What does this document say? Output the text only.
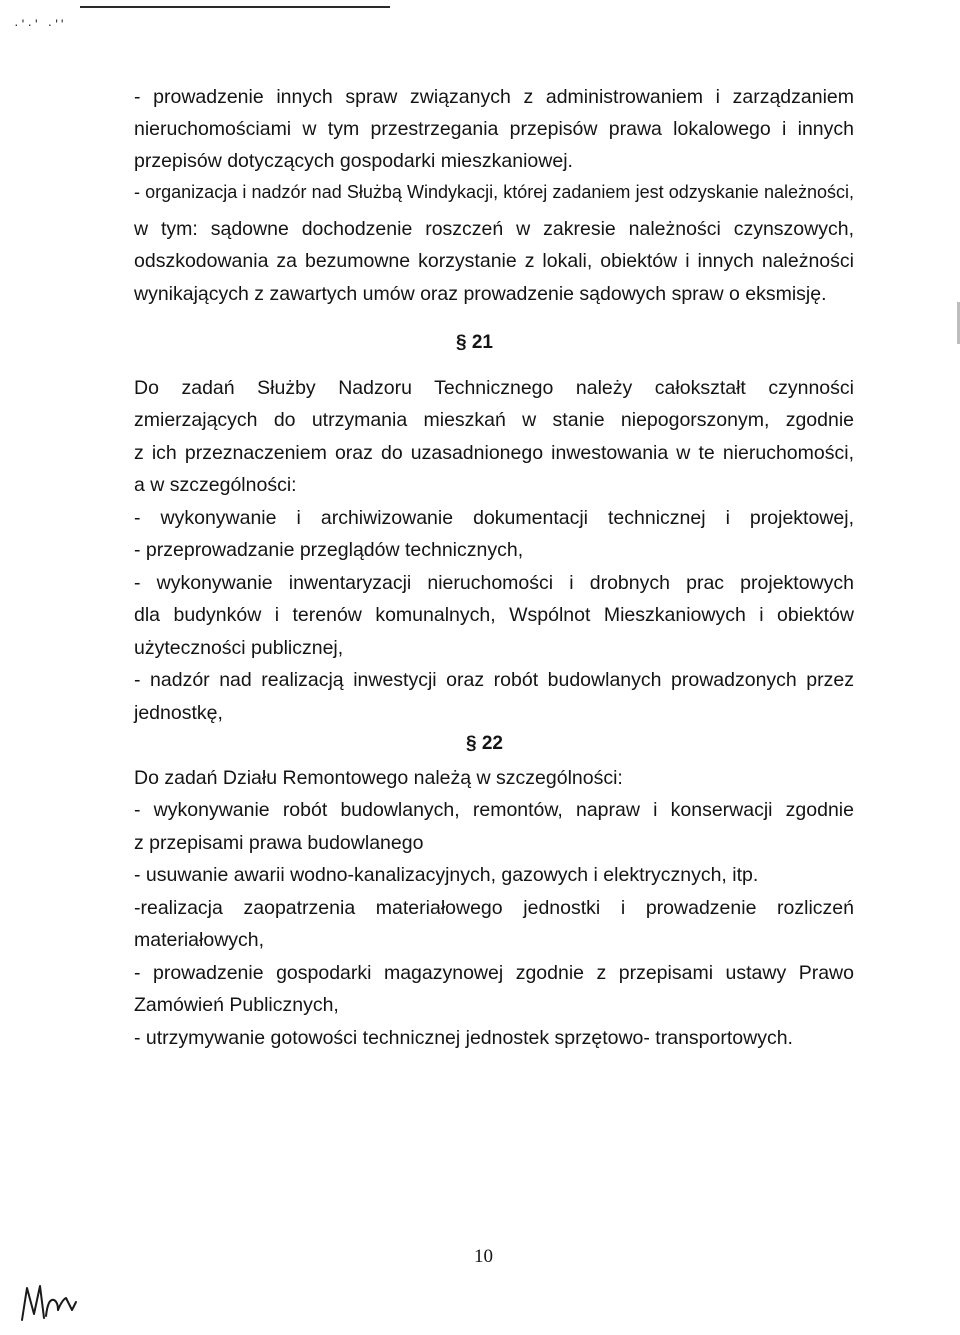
·'·' ·''
- prowadzenie innych spraw związanych z administrowaniem i zarządzaniem
nieruchomościami w tym przestrzegania przepisów prawa lokalowego i innych
przepisów dotyczących gospodarki mieszkaniowej.
- organizacja i nadzór nad Służbą Windykacji, której zadaniem jest odzyskanie należności,
w tym: sądowne dochodzenie roszczeń w zakresie należności czynszowych,
odszkodowania za bezumowne korzystanie z lokali, obiektów i innych należności
wynikających z zawartych umów oraz prowadzenie sądowych spraw o eksmisję.
§ 21
Do zadań Służby Nadzoru Technicznego należy całokształt czynności
zmierzających do utrzymania mieszkań w stanie niepogorszonym, zgodnie
z ich przeznaczeniem oraz do uzasadnionego inwestowania w te nieruchomości,
a w szczególności:
- wykonywanie i archiwizowanie dokumentacji technicznej i projektowej,
- przeprowadzanie przeglądów technicznych,
- wykonywanie inwentaryzacji nieruchomości i drobnych prac projektowych
dla budynków i terenów komunalnych, Wspólnot Mieszkaniowych i obiektów
użyteczności publicznej,
- nadzór nad realizacją inwestycji oraz robót budowlanych prowadzonych przez
jednostkę,
§ 22
Do zadań Działu Remontowego należą w szczególności:
- wykonywanie robót budowlanych, remontów, napraw i konserwacji zgodnie
z przepisami prawa budowlanego
- usuwanie awarii wodno-kanalizacyjnych, gazowych i elektrycznych, itp.
-realizacja zaopatrzenia materiałowego jednostki i prowadzenie rozliczeń
materiałowych,
- prowadzenie gospodarki magazynowej zgodnie z przepisami ustawy Prawo
Zamówień Publicznych,
- utrzymywanie gotowości technicznej jednostek sprzętowo- transportowych.
10
